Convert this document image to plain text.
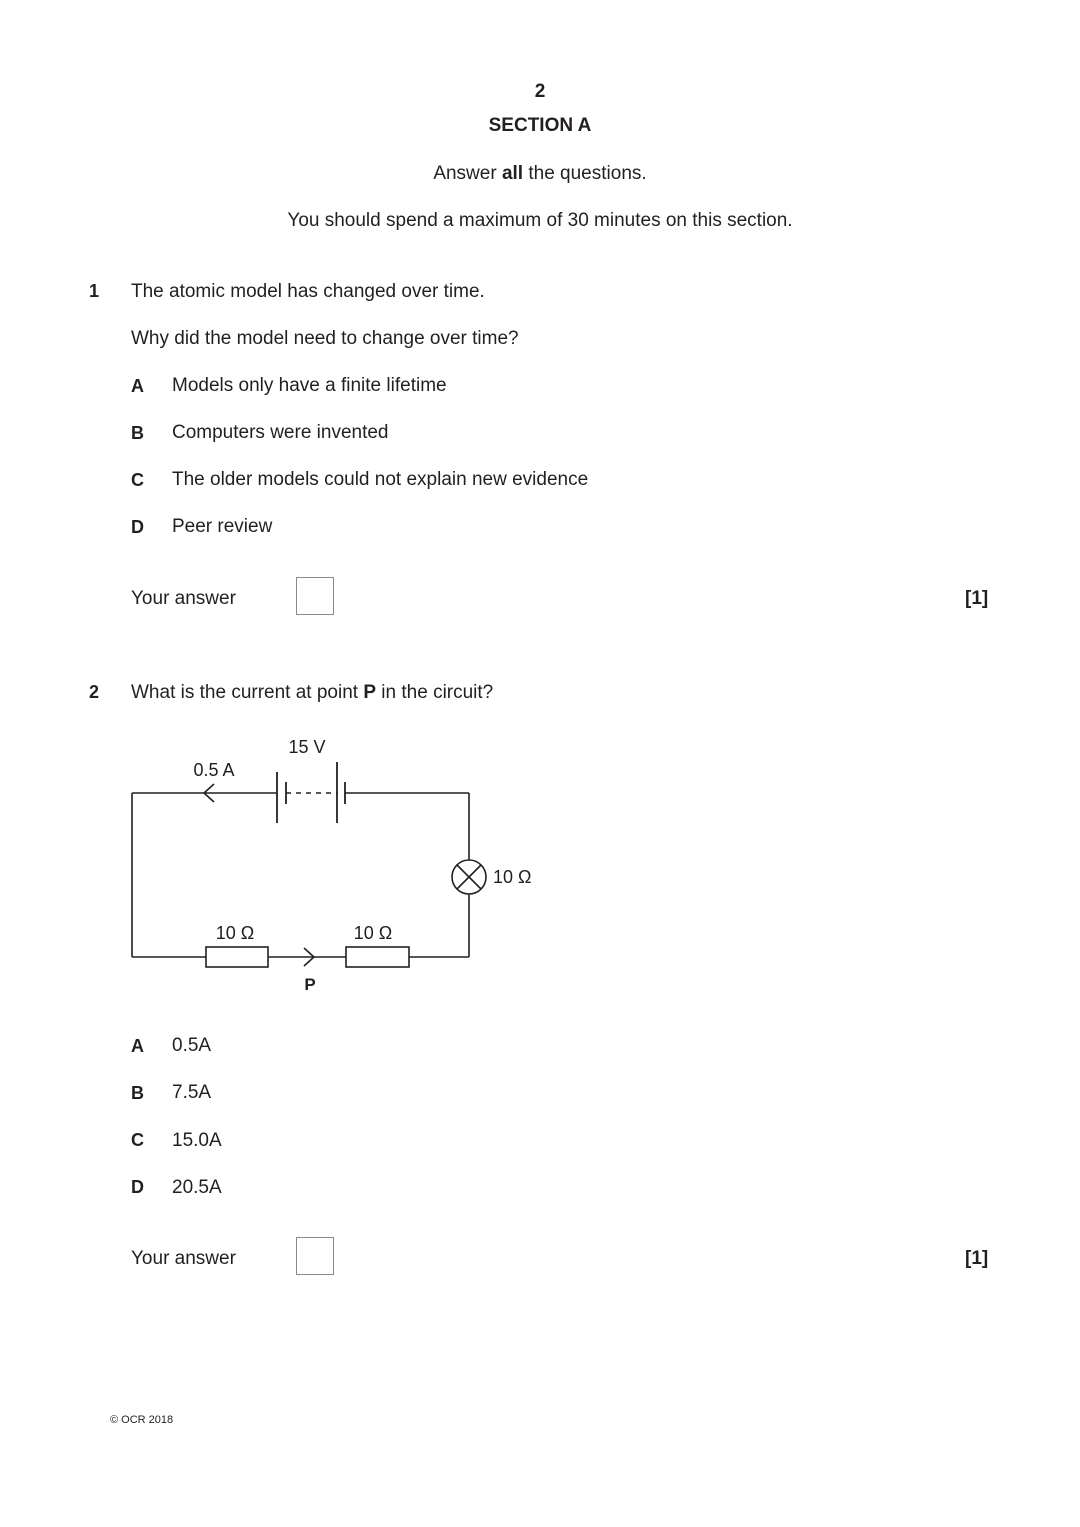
2
SECTION A
Answer all the questions.
You should spend a maximum of 30 minutes on this section.
1 The atomic model has changed over time.
Why did the model need to change over time?
A Models only have a finite lifetime
B Computers were invented
C The older models could not explain new evidence
D Peer review
Your answer	[1]
2 What is the current at point P in the circuit?
15 V
0.5 A
10 Ω
10 Ω	10 Ω
P
A 0.5A
B 7.5A
C 15.0A
D 20.5A
Your answer	[1]
© OCR 2018
